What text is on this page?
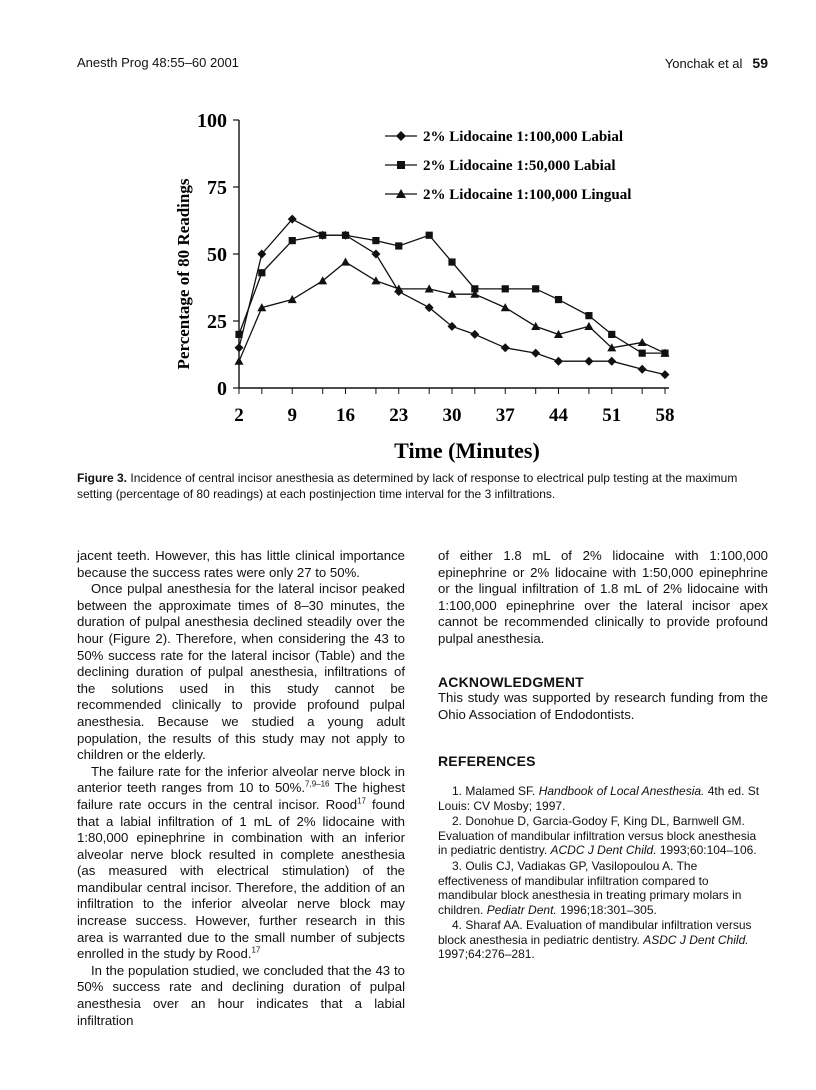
Anesth Prog 48:55–60 2001	Yonchak et al 59
0
25
50
75
100
2 9 16 23 30 37 44 51 58
Time (Minutes)
Percentage of 80 Readings
2% Lidocaine 1:100,000 Labial
2% Lidocaine 1:50,000 Labial
2% Lidocaine 1:100,000 Lingual
Figure 3. Incidence of central incisor anesthesia as determined by lack of response to electrical pulp testing at the maximum setting (percentage of 80 readings) at each postinjection time interval for the 3 infiltrations.

jacent teeth. However, this has little clinical importance because the success rates were only 27 to 50%.

Once pulpal anesthesia for the lateral incisor peaked between the approximate times of 8–30 minutes, the duration of pulpal anesthesia declined steadily over the hour (Figure 2). Therefore, when considering the 43 to 50% success rate for the lateral incisor (Table) and the declining duration of pulpal anesthesia, infiltrations of the solutions used in this study cannot be recommended clinically to provide profound pulpal anesthesia. Because we studied a young adult population, the results of this study may not apply to children or the elderly.

The failure rate for the inferior alveolar nerve block in anterior teeth ranges from 10 to 50%.$^{7,9-16}$ The highest failure rate occurs in the central incisor. Rood$^{17}$ found that a labial infiltration of 1 mL of 2% lidocaine with 1:80,000 epinephrine in combination with an inferior alveolar nerve block resulted in complete anesthesia (as measured with electrical stimulation) of the mandibular central incisor. Therefore, the addition of an infiltration to the inferior alveolar nerve block may increase success. However, further research in this area is warranted due to the small number of subjects enrolled in the study by Rood.$^{17}$

In the population studied, we concluded that the 43 to 50% success rate and declining duration of pulpal anesthesia over an hour indicates that a labial infiltration

of either 1.8 mL of 2% lidocaine with 1:100,000 epinephrine or 2% lidocaine with 1:50,000 epinephrine or the lingual infiltration of 1.8 mL of 2% lidocaine with 1:100,000 epinephrine over the lateral incisor apex cannot be recommended clinically to provide profound pulpal anesthesia.

ACKNOWLEDGMENT

This study was supported by research funding from the Ohio Association of Endodontists.

REFERENCES
1. Malamed SF. Handbook of Local Anesthesia. 4th ed. St Louis: CV Mosby; 1997.
2. Donohue D, Garcia-Godoy F, King DL, Barnwell GM. Evaluation of mandibular infiltration versus block anesthesia in pediatric dentistry. ACDC J Dent Child. 1993;60:104–106.
3. Oulis CJ, Vadiakas GP, Vasilopoulou A. The effectiveness of mandibular infiltration compared to mandibular block anesthesia in treating primary molars in children. Pediatr Dent. 1996;18:301–305.
4. Sharaf AA. Evaluation of mandibular infiltration versus block anesthesia in pediatric dentistry. ASDC J Dent Child. 1997;64:276–281.
